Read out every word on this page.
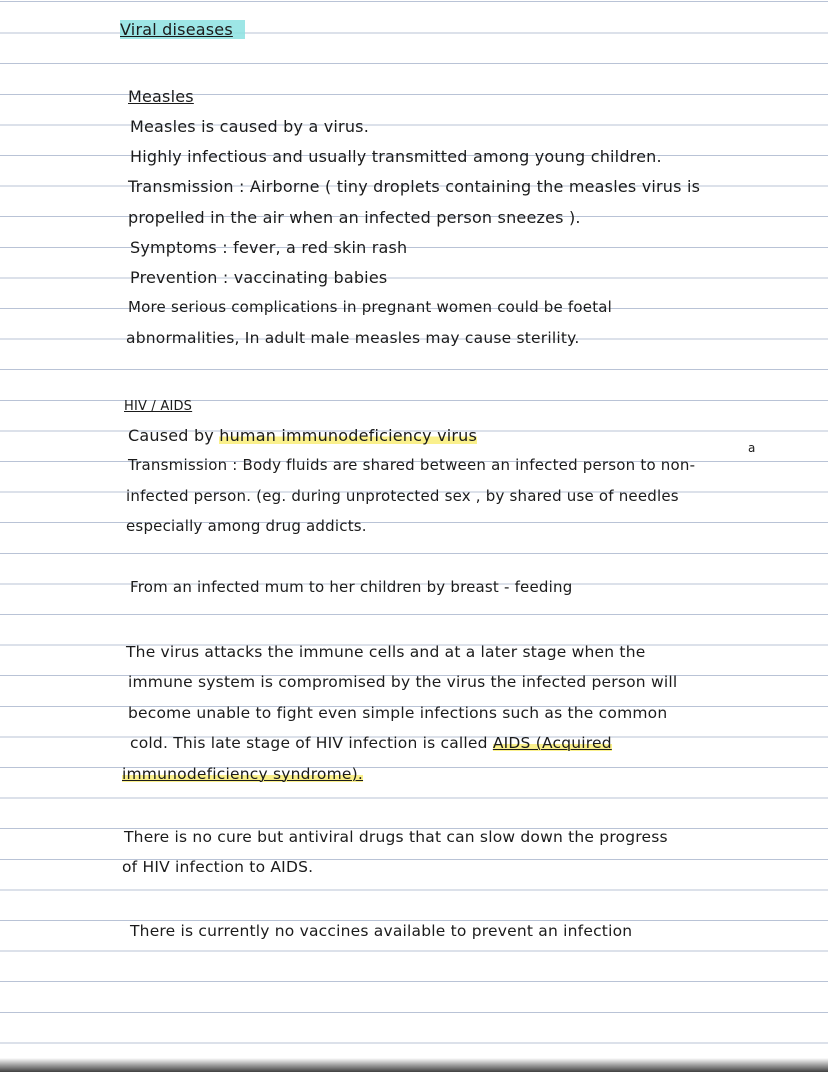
Viral diseases
Measles
Measles is caused by a virus.
Highly infectious and usually transmitted among young children.
Transmission : Airborne ( tiny droplets containing the measles virus is
propelled in the air when an infected person sneezes ).
Symptoms : fever, a red skin rash
Prevention : vaccinating babies
More serious complications in pregnant women could be foetal
abnormalities, In adult male measles may cause sterility.
HIV / AIDS
Caused by human immunodeficiency virus
a
Transmission : Body fluids are shared between an infected person to non-
infected person. (eg. during unprotected sex , by shared use of needles
especially among drug addicts.
From an infected mum to her children by breast - feeding
The virus attacks the immune cells and at a later stage when the
immune system is compromised by the virus the infected person will
become unable to fight even simple infections such as the common
cold. This late stage of HIV infection is called AIDS (Acquired
immunodeficiency syndrome).
There is no cure but antiviral drugs that can slow down the progress
of HIV infection to AIDS.
There is currently no vaccines available to prevent an infection
